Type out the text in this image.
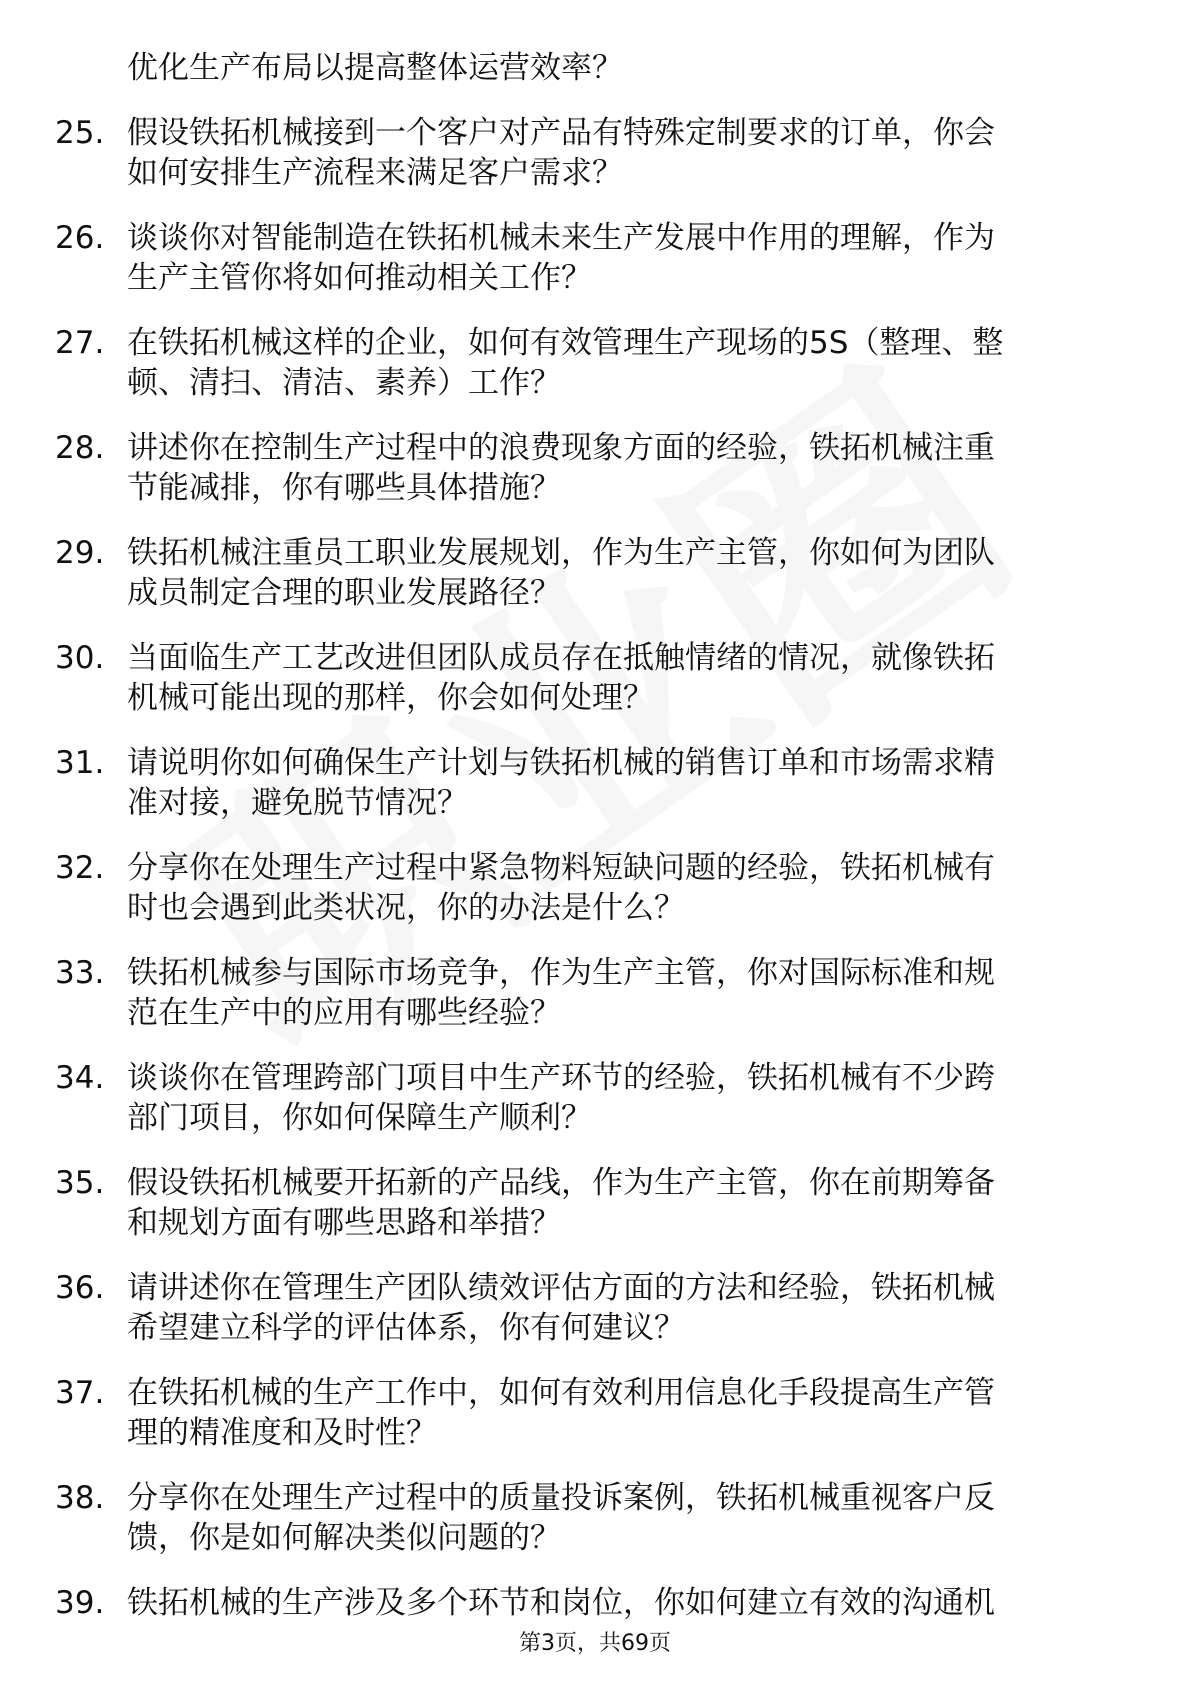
优化生产布局以提高整体运营效率？
25. 假设铁拓机械接到一个客户对产品有特殊定制要求的订单，你会
如何安排生产流程来满足客户需求？
26. 谈谈你对智能制造在铁拓机械未来生产发展中作用的理解，作为
生产主管你将如何推动相关工作？
27. 在铁拓机械这样的企业，如何有效管理生产现场的5S（整理、整
顿、清扫、清洁、素养）工作？
28. 讲述你在控制生产过程中的浪费现象方面的经验，铁拓机械注重
节能减排，你有哪些具体措施？
29. 铁拓机械注重员工职业发展规划，作为生产主管，你如何为团队
成员制定合理的职业发展路径？
30. 当面临生产工艺改进但团队成员存在抵触情绪的情况，就像铁拓
机械可能出现的那样，你会如何处理？
31. 请说明你如何确保生产计划与铁拓机械的销售订单和市场需求精
准对接，避免脱节情况？
32. 分享你在处理生产过程中紧急物料短缺问题的经验，铁拓机械有
时也会遇到此类状况，你的办法是什么？
33. 铁拓机械参与国际市场竞争，作为生产主管，你对国际标准和规
范在生产中的应用有哪些经验？
34. 谈谈你在管理跨部门项目中生产环节的经验，铁拓机械有不少跨
部门项目，你如何保障生产顺利？
35. 假设铁拓机械要开拓新的产品线，作为生产主管，你在前期筹备
和规划方面有哪些思路和举措？
36. 请讲述你在管理生产团队绩效评估方面的方法和经验，铁拓机械
希望建立科学的评估体系，你有何建议？
37. 在铁拓机械的生产工作中，如何有效利用信息化手段提高生产管
理的精准度和及时性？
38. 分享你在处理生产过程中的质量投诉案例，铁拓机械重视客户反
馈，你是如何解决类似问题的？
39. 铁拓机械的生产涉及多个环节和岗位，你如何建立有效的沟通机
第3页，共69页
